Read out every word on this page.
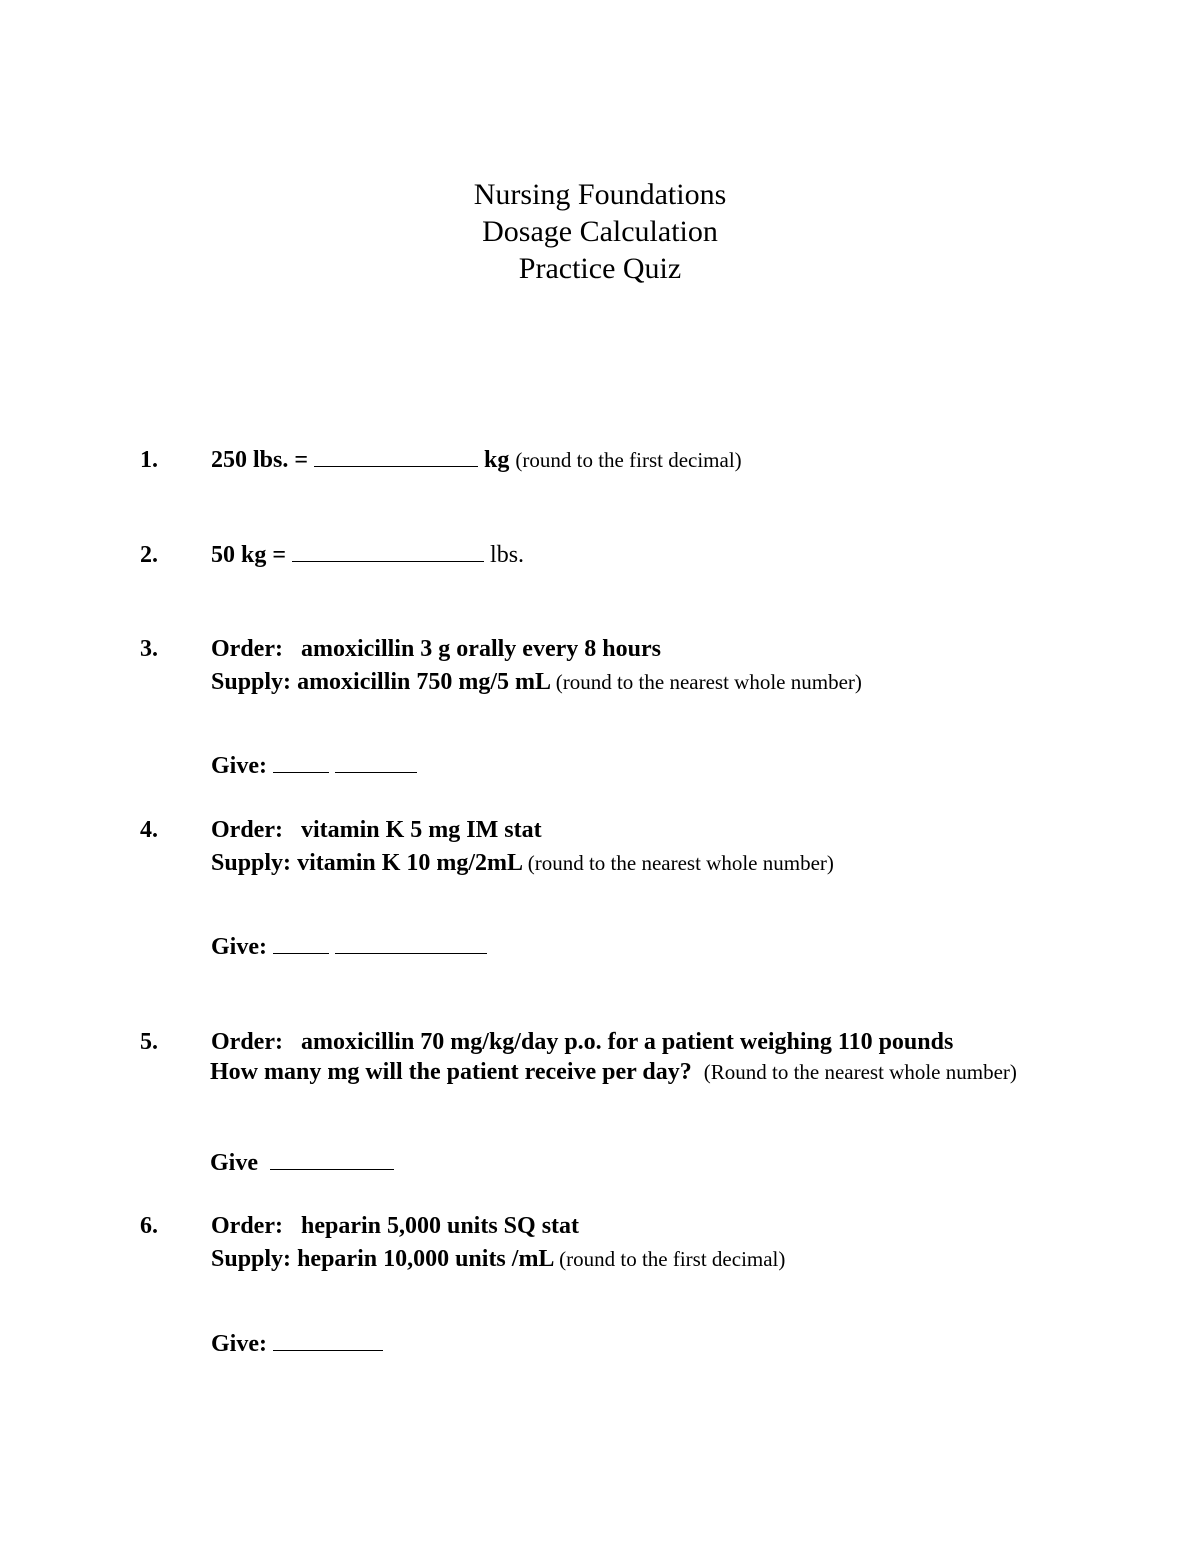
Nursing Foundations
Dosage Calculation
Practice Quiz
1. 250 lbs. =	kg (round to the first decimal)
2. 50 kg =	lbs.
3. Order: amoxicillin 3 g orally every 8 hours
Supply: amoxicillin 750 mg/5 mL (round to the nearest whole number)
Give:
4. Order: vitamin K 5 mg IM stat
Supply: vitamin K 10 mg/2mL (round to the nearest whole number)
Give:
5. Order: amoxicillin 70 mg/kg/day p.o. for a patient weighing 110 pounds
How many mg will the patient receive per day? (Round to the nearest whole number)
Give
6. Order: heparin 5,000 units SQ stat
Supply: heparin 10,000 units /mL (round to the first decimal)
Give:
